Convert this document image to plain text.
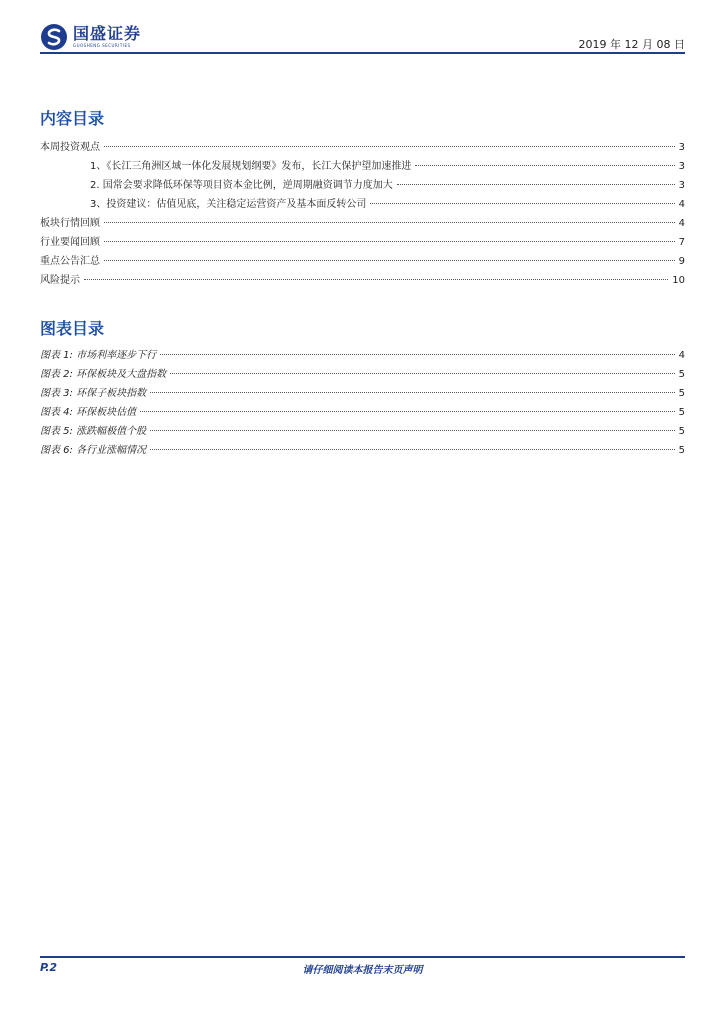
国盛证券
GUOSHENG SECURITIES	2019 年 12 月 08 日
内容目录
本周投资观点	3
1、《长江三角洲区域一体化发展规划纲要》发布，长江大保护望加速推进	3
2. 国常会要求降低环保等项目资本金比例，逆周期融资调节力度加大	3
3、投资建议：估值见底，关注稳定运营资产及基本面反转公司	4
板块行情回顾	4
行业要闻回顾	7
重点公告汇总	9
风险提示	10
图表目录
图表 1: 市场利率逐步下行	4
图表 2: 环保板块及大盘指数	5
图表 3: 环保子板块指数	5
图表 4: 环保板块估值	5
图表 5: 涨跌幅极值个股	5
图表 6: 各行业涨幅情况	5
P.2	请仔细阅读本报告末页声明
